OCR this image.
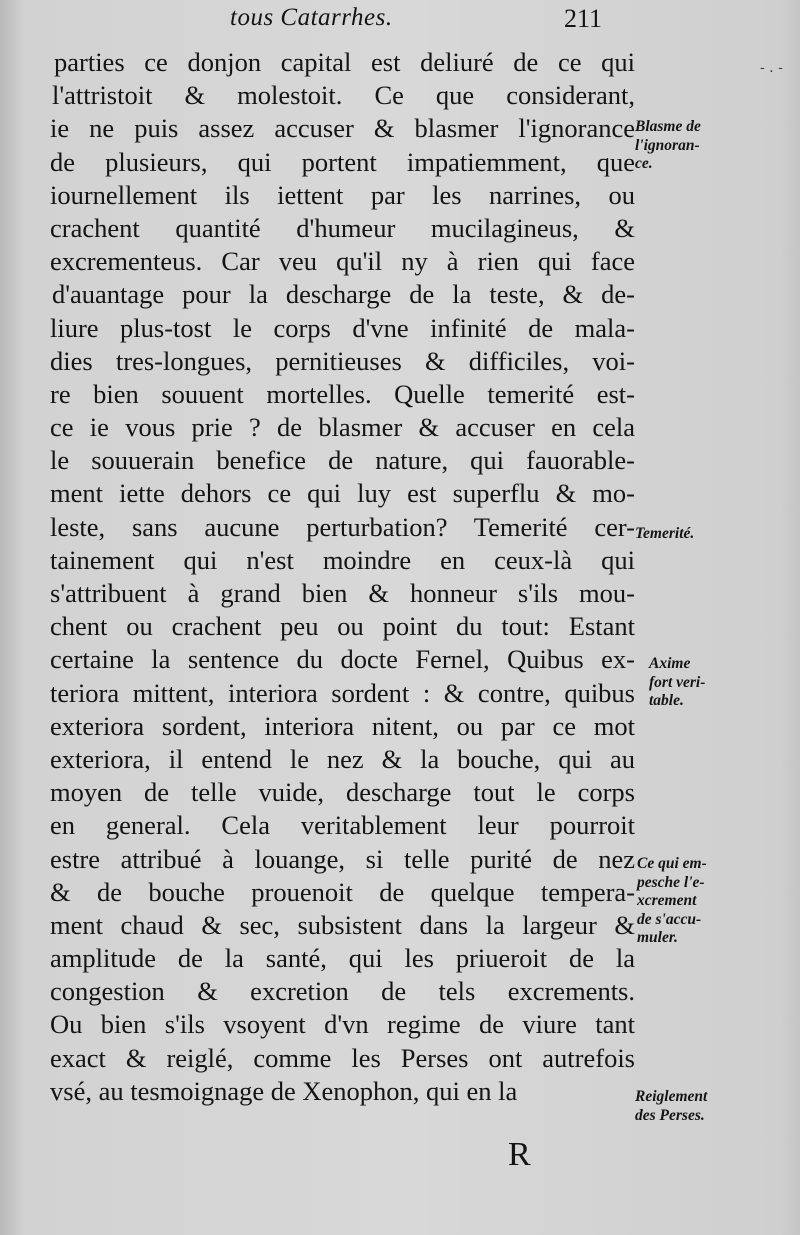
tous Catarrhes.	211
parties ce donjon capital est deliuré de ce qui
l'attristoit & molestoit. Ce que considerant,
ie ne puis assez accuser & blasmer l'ignorance
de plusieurs, qui portent impatiemment, que
iournellement ils iettent par les narrines, ou
crachent quantité d'humeur mucilagineus, &
excrementeus. Car veu qu'il ny à rien qui face
d'auantage pour la descharge de la teste, & de-
liure plus-tost le corps d'vne infinité de mala-
dies tres-longues, pernitieuses & difficiles, voi-
re bien souuent mortelles. Quelle temerité est-
ce ie vous prie ? de blasmer & accuser en cela
le souuerain benefice de nature, qui fauorable-
ment iette dehors ce qui luy est superflu & mo-
leste, sans aucune perturbation? Temerité cer-
tainement qui n'est moindre en ceux-là qui
s'attribuent à grand bien & honneur s'ils mou-
chent ou crachent peu ou point du tout: Estant
certaine la sentence du docte Fernel, Quibus ex-
teriora mittent, interiora sordent : & contre, quibus
exteriora sordent, interiora nitent, ou par ce mot
exteriora, il entend le nez & la bouche, qui au
moyen de telle vuide, descharge tout le corps
en general. Cela veritablement leur pourroit
estre attribué à louange, si telle purité de nez
& de bouche prouenoit de quelque tempera-
ment chaud & sec, subsistent dans la largeur &
amplitude de la santé, qui les priueroit de la
congestion & excretion de tels excrements.
Ou bien s'ils vsoyent d'vn regime de viure tant
exact & reiglé, comme les Perses ont autrefois
vsé, au tesmoignage de Xenophon, qui en la
Blasme de
l'ignoran-
ce.
Temerité.
Axime
fort veri-
table.
Ce qui em-
pesche l'e-
xcrement
de s'accu-
muler.
Reiglement
des Perses.
R
- . -
